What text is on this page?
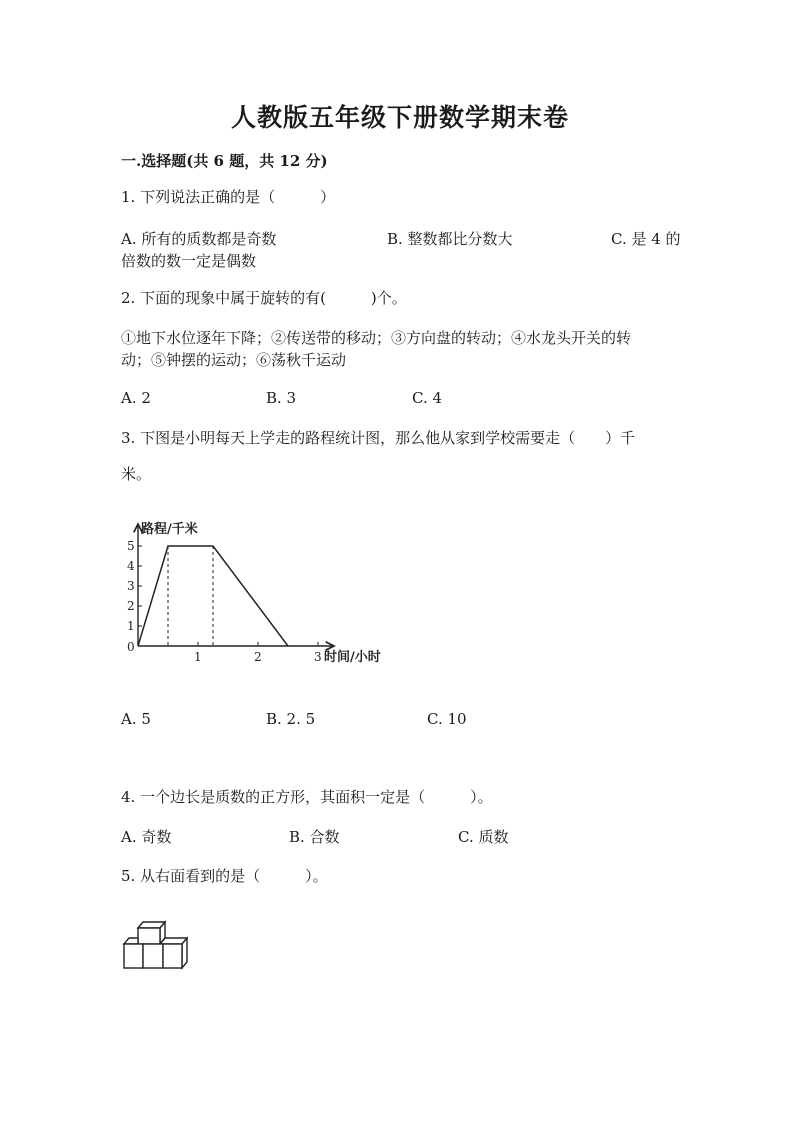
人教版五年级下册数学期末卷
一.选择题(共 6 题，共 12 分)
1. 下列说法正确的是（　　　）
A. 所有的质数都是奇数	B. 整数都比分数大	C. 是 4 的
倍数的数一定是偶数
2. 下面的现象中属于旋转的有(　　　)个。
①地下水位逐年下降；②传送带的移动；③方向盘的转动；④水龙头开关的转
动；⑤钟摆的运动；⑥荡秋千运动
A. 2	B. 3	C. 4
3. 下图是小明每天上学走的路程统计图，那么他从家到学校需要走（　　）千
米。
路程/千米
时间/小时
0
1
2
3
4
5
1	2	3
A. 5	B. 2. 5	C. 10
4. 一个边长是质数的正方形，其面积一定是（　　　）。
A. 奇数	B. 合数	C. 质数
5. 从右面看到的是（　　　）。
